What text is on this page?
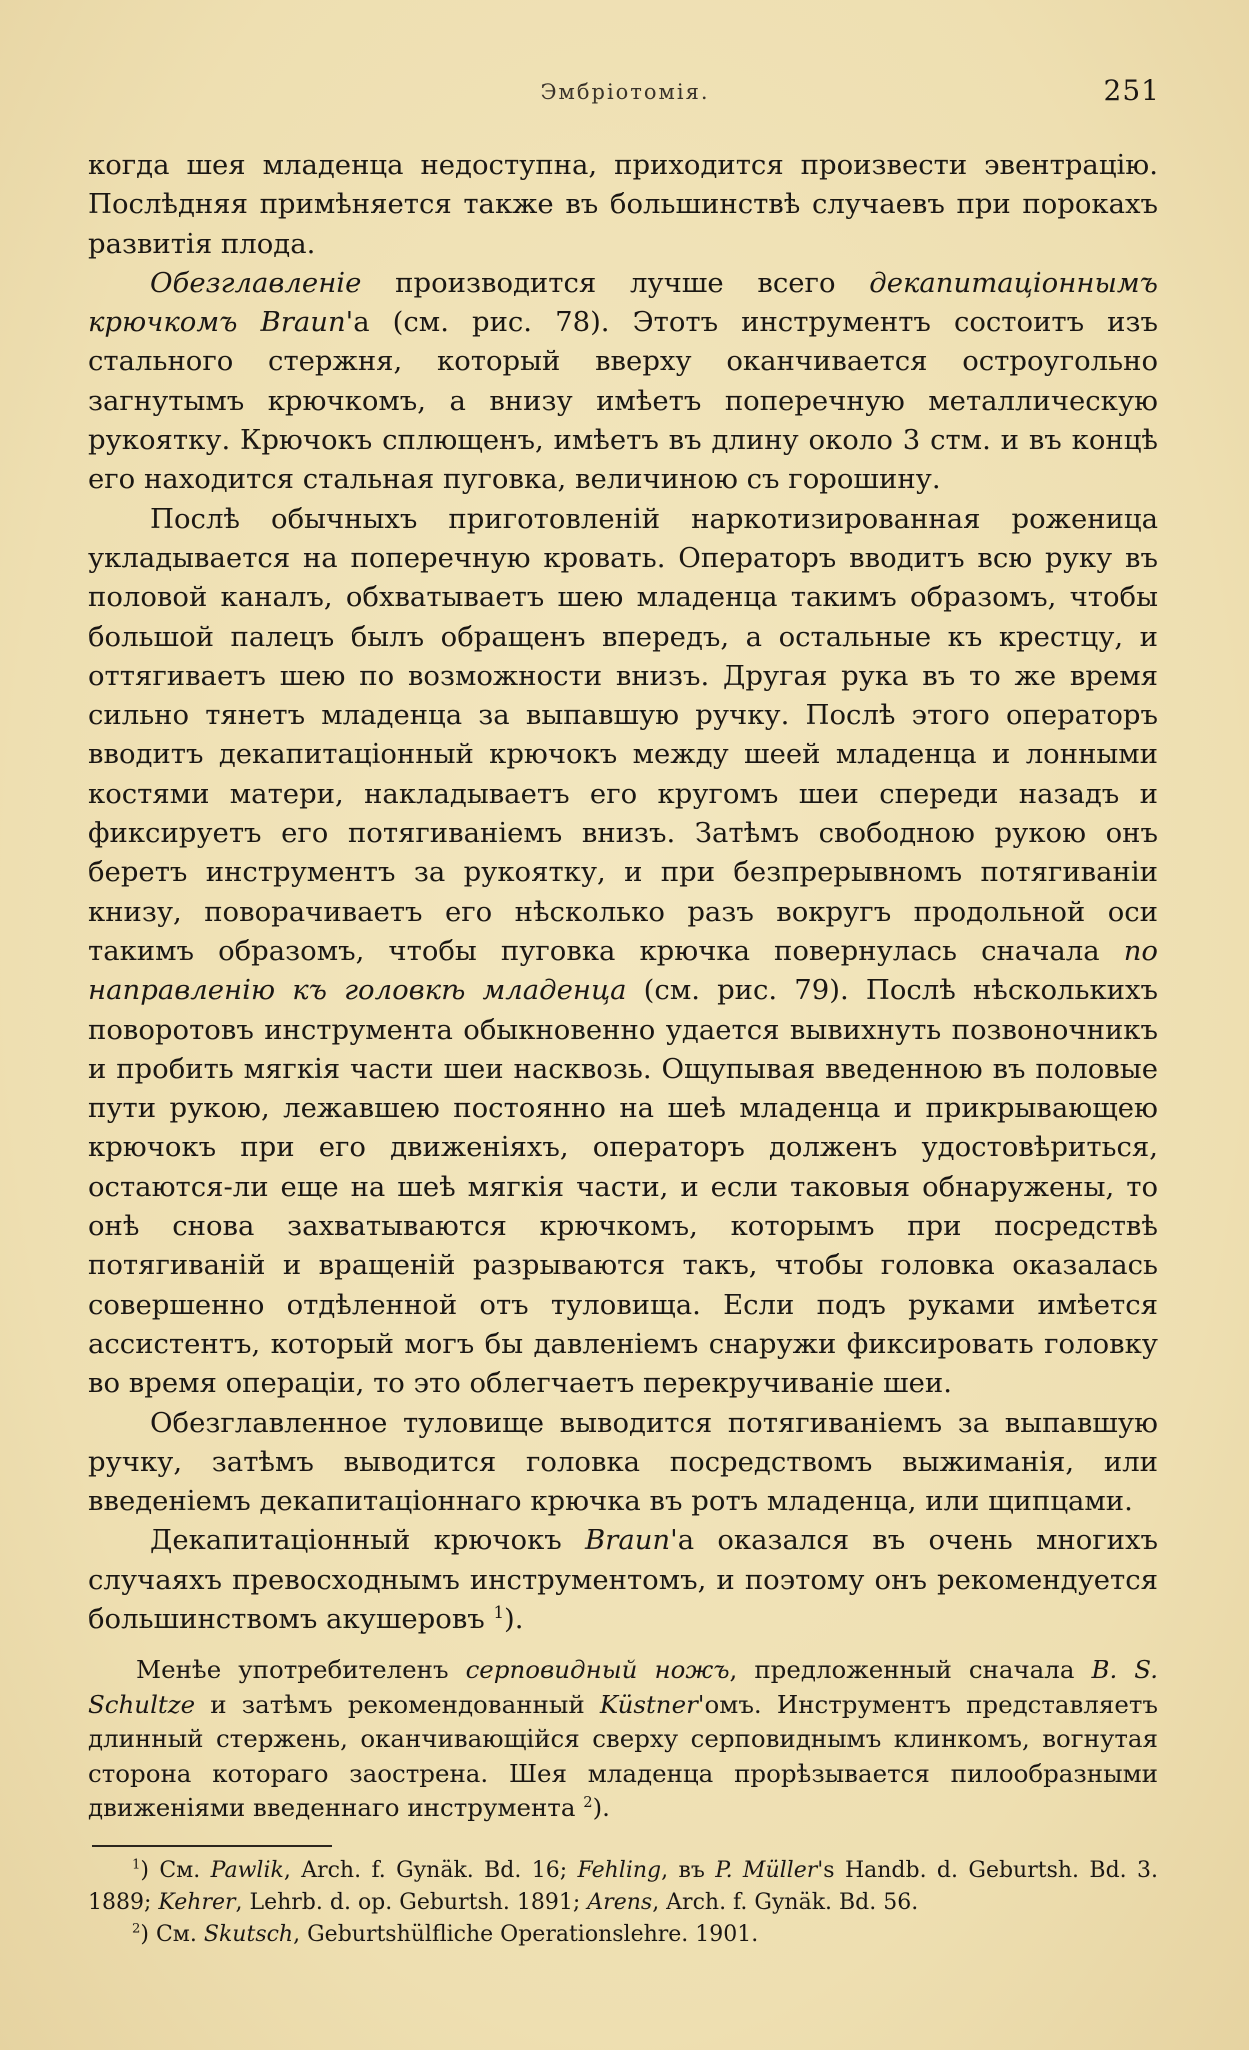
Эмбріотомія.	251

когда шея младенца недоступна, приходится произвести эвентрацію. Послѣдняя примѣняется также въ большинствѣ случаевъ при порокахъ развитія плода.

Обезглавленіе производится лучше всего декапитаціоннымъ крючкомъ Braun'а (см. рис. 78). Этотъ инструментъ состоитъ изъ стального стержня, который вверху оканчивается остроугольно загнутымъ крючкомъ, а внизу имѣетъ поперечную металлическую рукоятку. Крючокъ сплющенъ, имѣетъ въ длину около 3 стм. и въ концѣ его находится стальная пуговка, величиною съ горошину.

Послѣ обычныхъ приготовленій наркотизированная роженица укладывается на поперечную кровать. Операторъ вводитъ всю руку въ половой каналъ, обхватываетъ шею младенца такимъ образомъ, чтобы большой палецъ былъ обращенъ впередъ, а остальные къ крестцу, и оттягиваетъ шею по возможности внизъ. Другая рука въ то же время сильно тянетъ младенца за выпавшую ручку. Послѣ этого операторъ вводитъ декапитаціонный крючокъ между шеей младенца и лонными костями матери, накладываетъ его кругомъ шеи спереди назадъ и фиксируетъ его потягиваніемъ внизъ. Затѣмъ свободною рукою онъ беретъ инструментъ за рукоятку, и при безпрерывномъ потягиваніи книзу, поворачиваетъ его нѣсколько разъ вокругъ продольной оси такимъ образомъ, чтобы пуговка крючка повернулась сначала по направленію къ головкѣ младенца (см. рис. 79). Послѣ нѣсколькихъ поворотовъ инструмента обыкновенно удается вывихнуть позвоночникъ и пробить мягкія части шеи насквозь. Ощупывая введенною въ половые пути рукою, лежавшею постоянно на шеѣ младенца и прикрывающею крючокъ при его движеніяхъ, операторъ долженъ удостовѣриться, остаются-ли еще на шеѣ мягкія части, и если таковыя обнаружены, то онѣ снова захватываются крючкомъ, которымъ при посредствѣ потягиваній и вращеній разрываются такъ, чтобы головка оказалась совершенно отдѣленной отъ туловища. Если подъ руками имѣется ассистентъ, который могъ бы давленіемъ снаружи фиксировать головку во время операціи, то это облегчаетъ перекручиваніе шеи.

Обезглавленное туловище выводится потягиваніемъ за выпавшую ручку, затѣмъ выводится головка посредствомъ выжиманія, или введеніемъ декапитаціоннаго крючка въ ротъ младенца, или щипцами.

Декапитаціонный крючокъ Braun'а оказался въ очень многихъ случаяхъ превосходнымъ инструментомъ, и поэтому онъ рекомендуется большинствомъ акушеровъ $^1$).

Менѣе употребителенъ серповидный ножъ, предложенный сначала B. S. Schultze и затѣмъ рекомендованный Küstner'омъ. Инструментъ представляетъ длинный стержень, оканчивающійся сверху серповиднымъ клинкомъ, вогнутая сторона котораго заострена. Шея младенца прорѣзывается пилообразными движеніями введеннаго инструмента $^2$).

$^1$) См. Pawlik, Arch. f. Gynäk. Bd. 16; Fehling, въ P. Müller's Handb. d. Geburtsh. Bd. 3. 1889; Kehrer, Lehrb. d. op. Geburtsh. 1891; Arens, Arch. f. Gynäk. Bd. 56.

$^2$) См. Skutsch, Geburtshülfliche Operationslehre. 1901.
